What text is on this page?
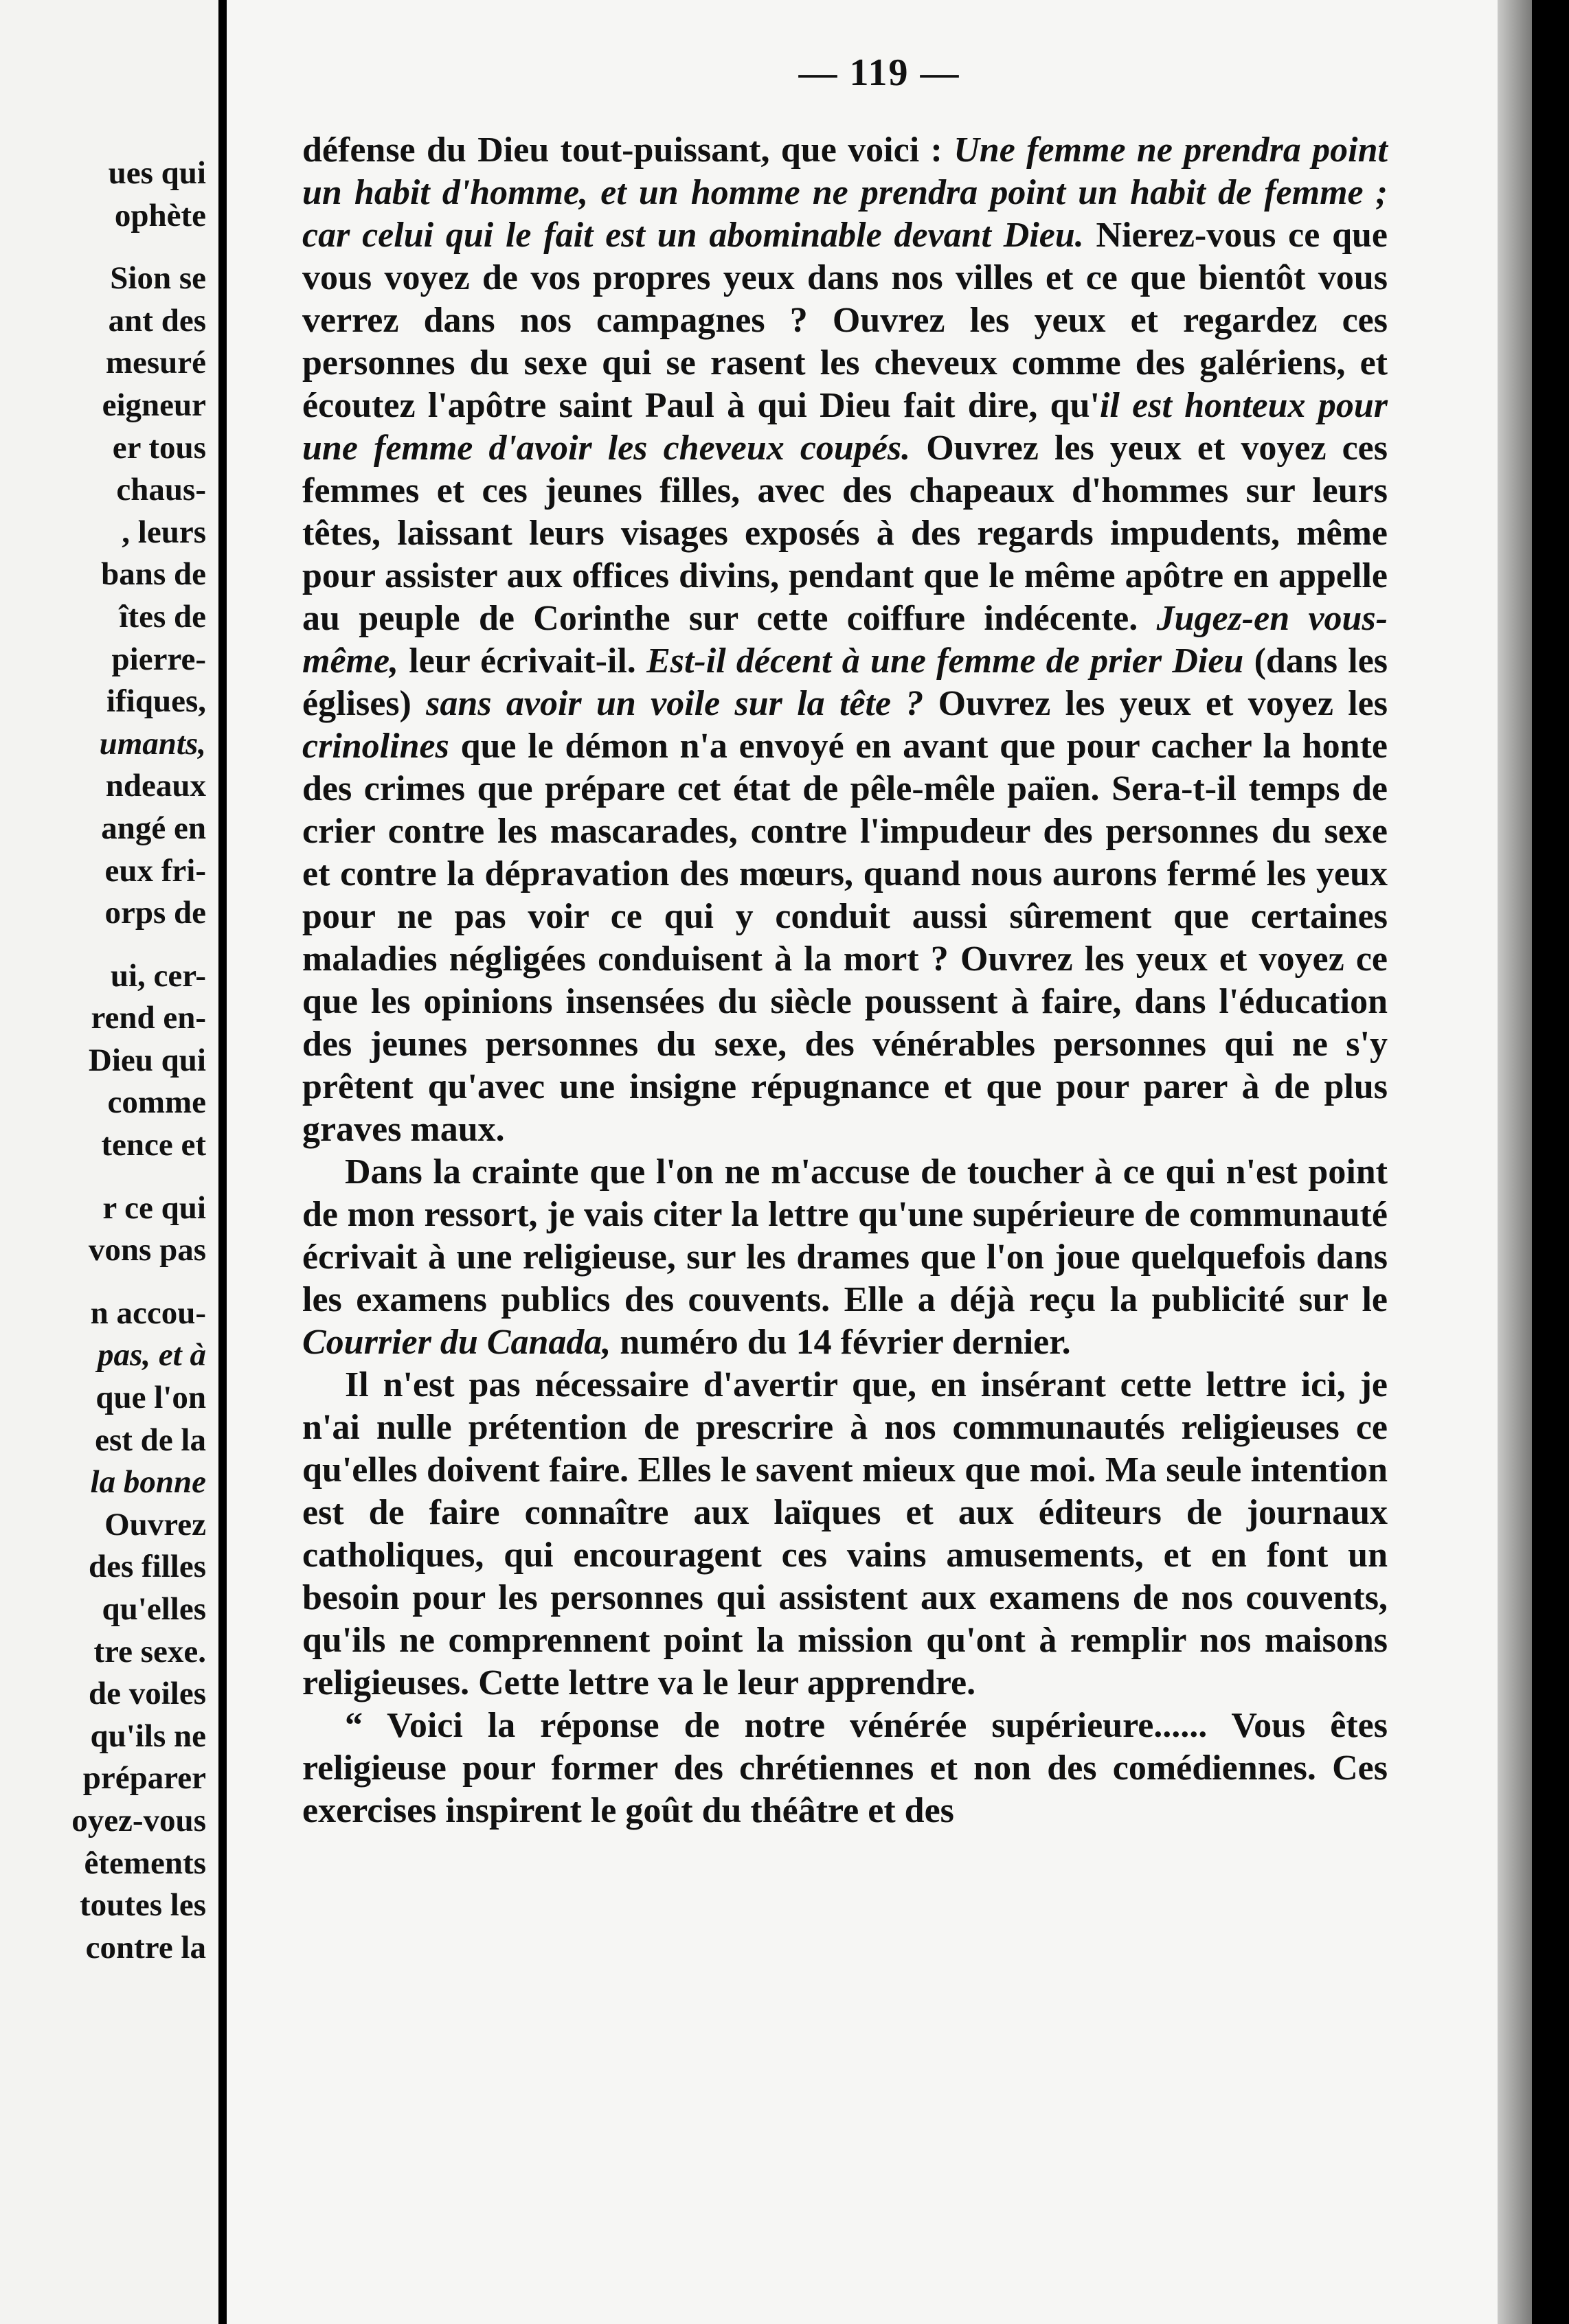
ues qui
ophète
Sion se
ant des
mesuré
eigneur
er tous
chaus-
, leurs
bans de
îtes de
pierre-
ifiques,
umants,
ndeaux
angé en
eux fri-
orps de
ui, cer-
rend en-
Dieu qui
comme
tence et
r ce qui
vons pas
n accou-
pas, et à
que l'on
est de la
la bonne
Ouvrez
des filles
qu'elles
tre sexe.
de voiles
qu'ils ne
préparer
oyez-vous
êtements
toutes les
contre la
— 119 —

défense du Dieu tout-puissant, que voici : Une femme ne prendra point un habit d'homme, et un homme ne prendra point un habit de femme ; car celui qui le fait est un abominable devant Dieu. Nierez-vous ce que vous voyez de vos propres yeux dans nos villes et ce que bientôt vous verrez dans nos campagnes ? Ouvrez les yeux et regardez ces personnes du sexe qui se rasent les cheveux comme des galériens, et écoutez l'apôtre saint Paul à qui Dieu fait dire, qu'il est honteux pour une femme d'avoir les cheveux coupés. Ouvrez les yeux et voyez ces femmes et ces jeunes filles, avec des chapeaux d'hommes sur leurs têtes, laissant leurs visages exposés à des regards impudents, même pour assister aux offices divins, pendant que le même apôtre en appelle au peuple de Corinthe sur cette coiffure indécente. Jugez-en vous-même, leur écrivait-il. Est-il décent à une femme de prier Dieu (dans les églises) sans avoir un voile sur la tête ? Ouvrez les yeux et voyez les crinolines que le démon n'a envoyé en avant que pour cacher la honte des crimes que prépare cet état de pêle-mêle païen. Sera-t-il temps de crier contre les mascarades, contre l'impudeur des personnes du sexe et contre la dépravation des mœurs, quand nous aurons fermé les yeux pour ne pas voir ce qui y conduit aussi sûrement que certaines maladies négligées conduisent à la mort ? Ouvrez les yeux et voyez ce que les opinions insensées du siècle poussent à faire, dans l'éducation des jeunes personnes du sexe, des vénérables personnes qui ne s'y prêtent qu'avec une insigne répugnance et que pour parer à de plus graves maux.

Dans la crainte que l'on ne m'accuse de toucher à ce qui n'est point de mon ressort, je vais citer la lettre qu'une supérieure de communauté écrivait à une religieuse, sur les drames que l'on joue quelquefois dans les examens publics des couvents. Elle a déjà reçu la publicité sur le Courrier du Canada, numéro du 14 février dernier.

Il n'est pas nécessaire d'avertir que, en insérant cette lettre ici, je n'ai nulle prétention de prescrire à nos communautés religieuses ce qu'elles doivent faire. Elles le savent mieux que moi. Ma seule intention est de faire connaître aux laïques et aux éditeurs de journaux catholiques, qui encouragent ces vains amusements, et en font un besoin pour les personnes qui assistent aux examens de nos couvents, qu'ils ne comprennent point la mission qu'ont à remplir nos maisons religieuses. Cette lettre va le leur apprendre.

“ Voici la réponse de notre vénérée supérieure...... Vous êtes religieuse pour former des chrétiennes et non des comédiennes. Ces exercises inspirent le goût du théâtre et des
